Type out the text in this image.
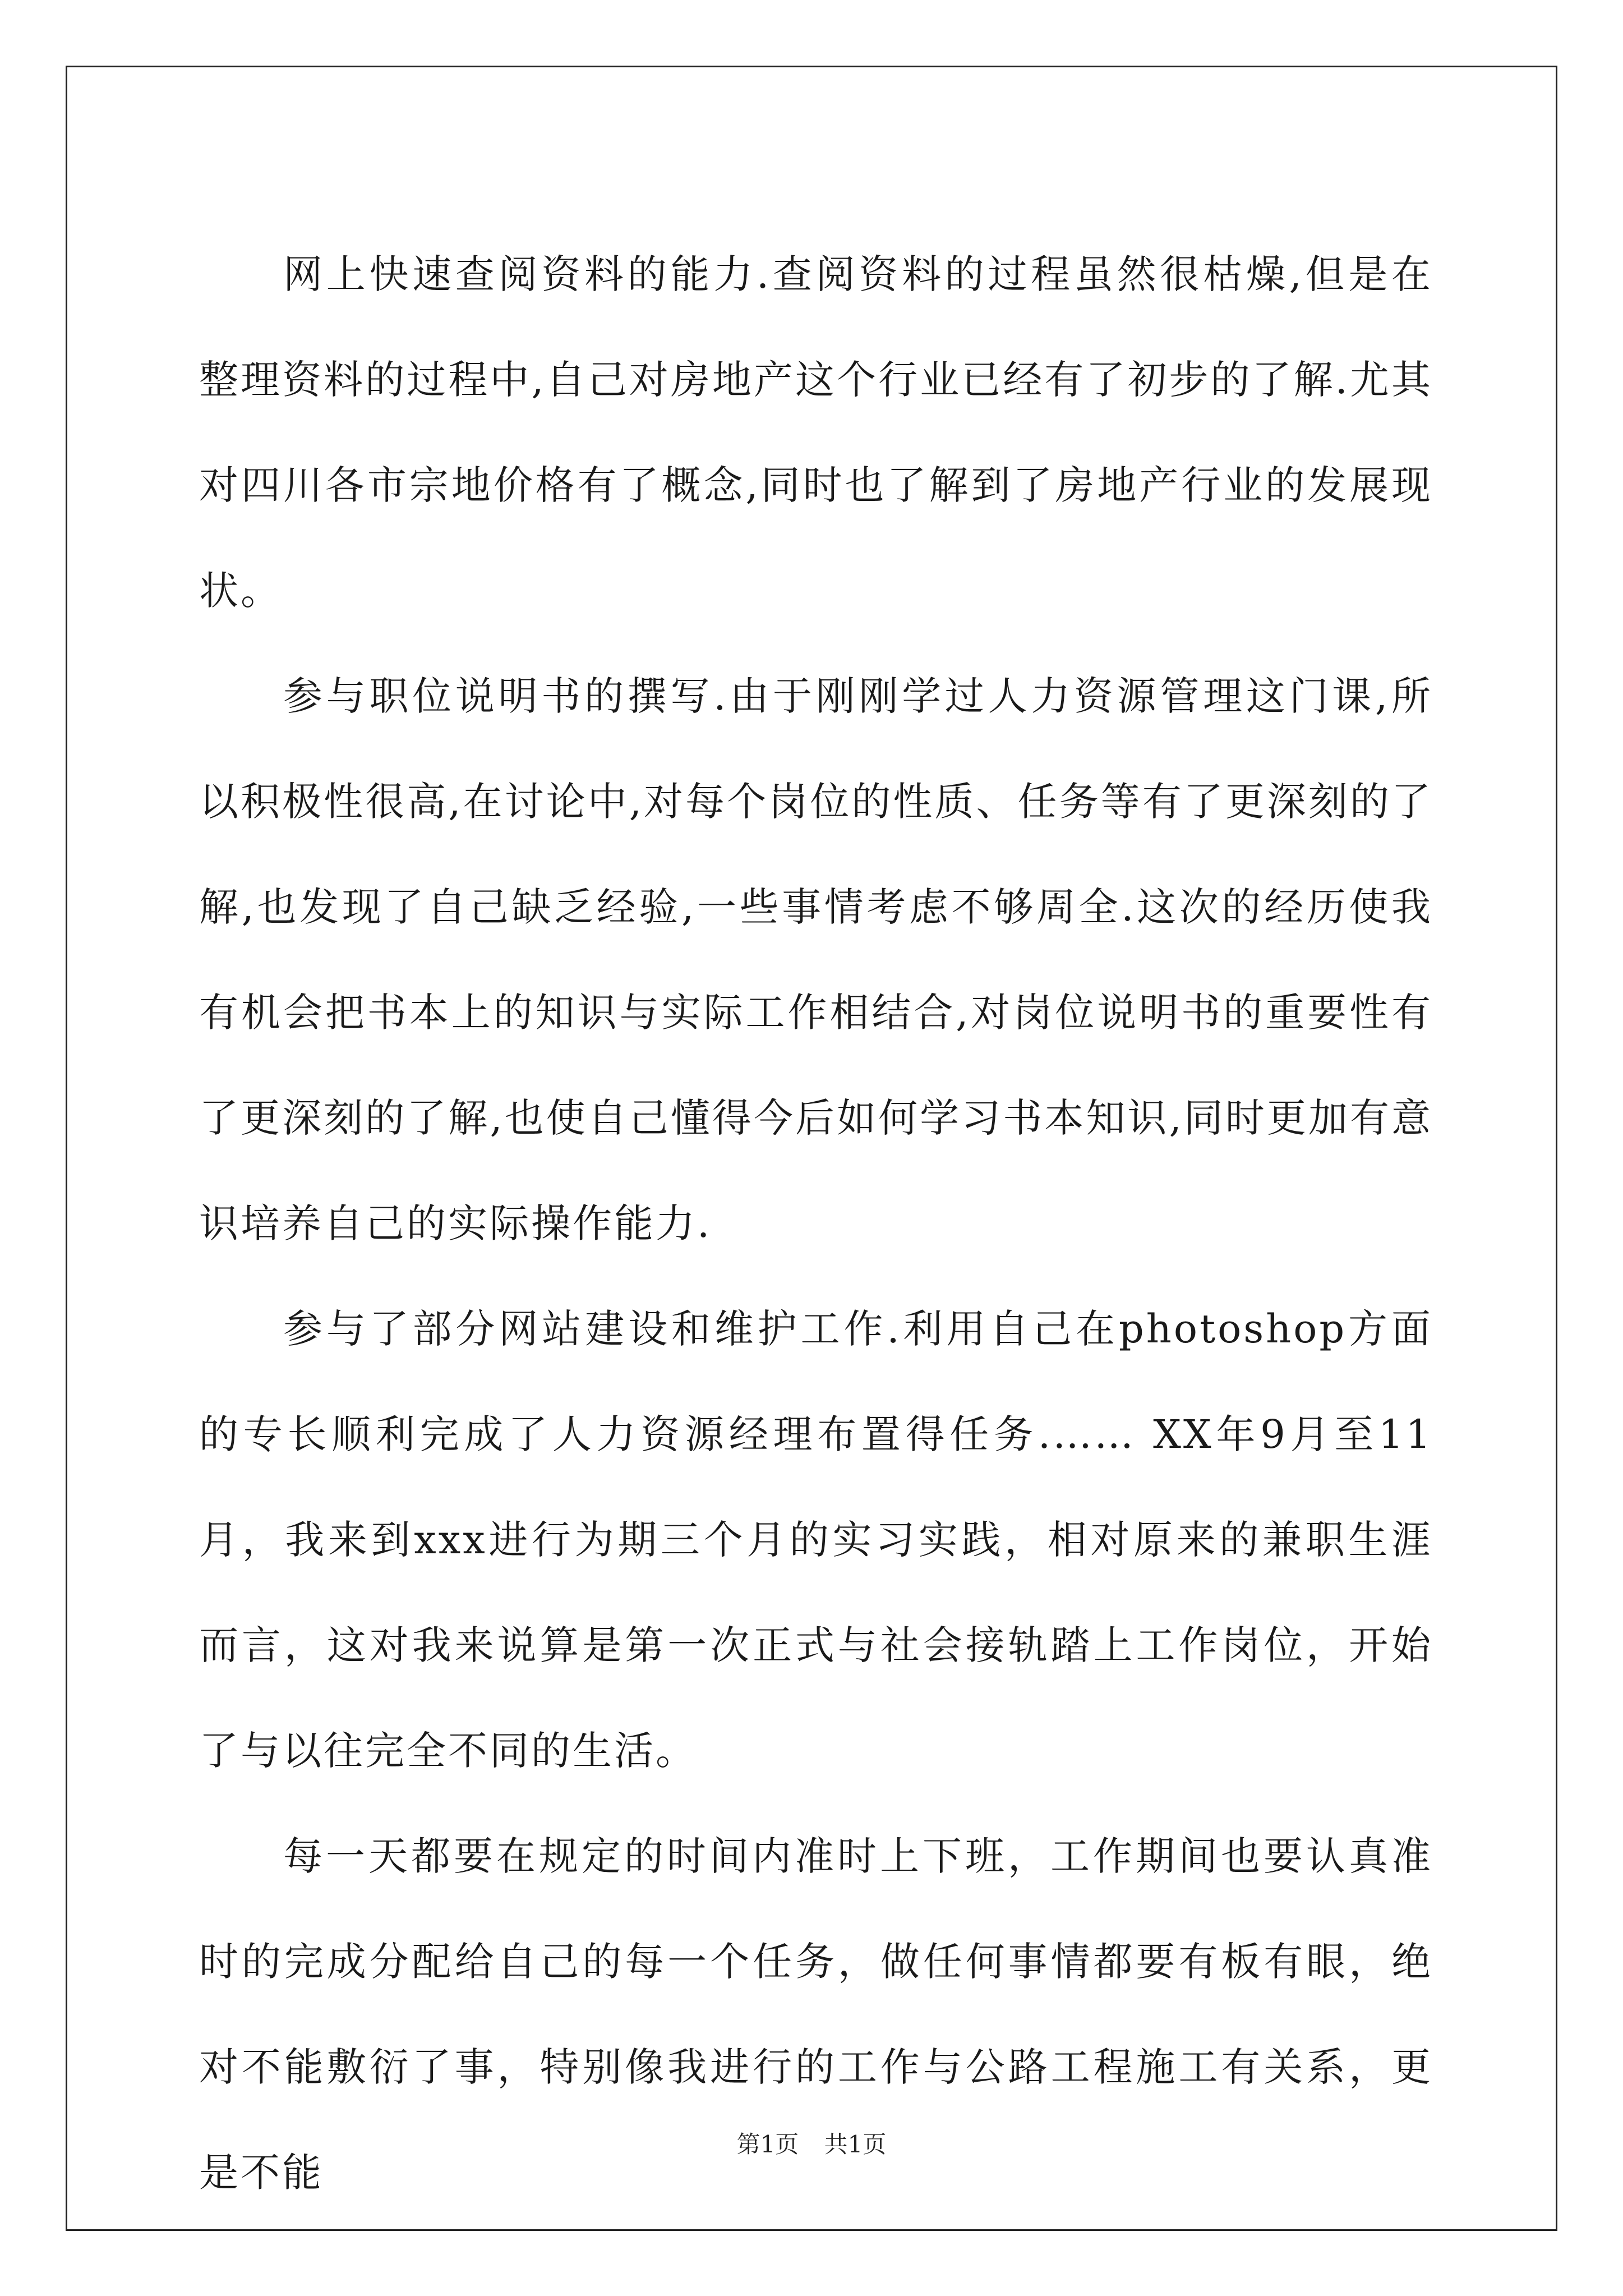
网上快速查阅资料的能力.查阅资料的过程虽然很枯燥,但是在整理资料的过程中,自己对房地产这个行业已经有了初步的了解.尤其对四川各市宗地价格有了概念,同时也了解到了房地产行业的发展现状。

参与职位说明书的撰写.由于刚刚学过人力资源管理这门课,所以积极性很高,在讨论中,对每个岗位的性质、任务等有了更深刻的了解,也发现了自己缺乏经验,一些事情考虑不够周全.这次的经历使我有机会把书本上的知识与实际工作相结合,对岗位说明书的重要性有了更深刻的了解,也使自己懂得今后如何学习书本知识,同时更加有意识培养自己的实际操作能力.

参与了部分网站建设和维护工作.利用自己在photoshop方面的专长顺利完成了人力资源经理布置得任务.…… XX年9月至11月，我来到xxx进行为期三个月的实习实践，相对原来的兼职生涯而言，这对我来说算是第一次正式与社会接轨踏上工作岗位，开始了与以往完全不同的生活。

每一天都要在规定的时间内准时上下班，工作期间也要认真准时的完成分配给自己的每一个任务，做任何事情都要有板有眼，绝对不能敷衍了事，特别像我进行的工作与公路工程施工有关系，更是不能

第1页 共1页
